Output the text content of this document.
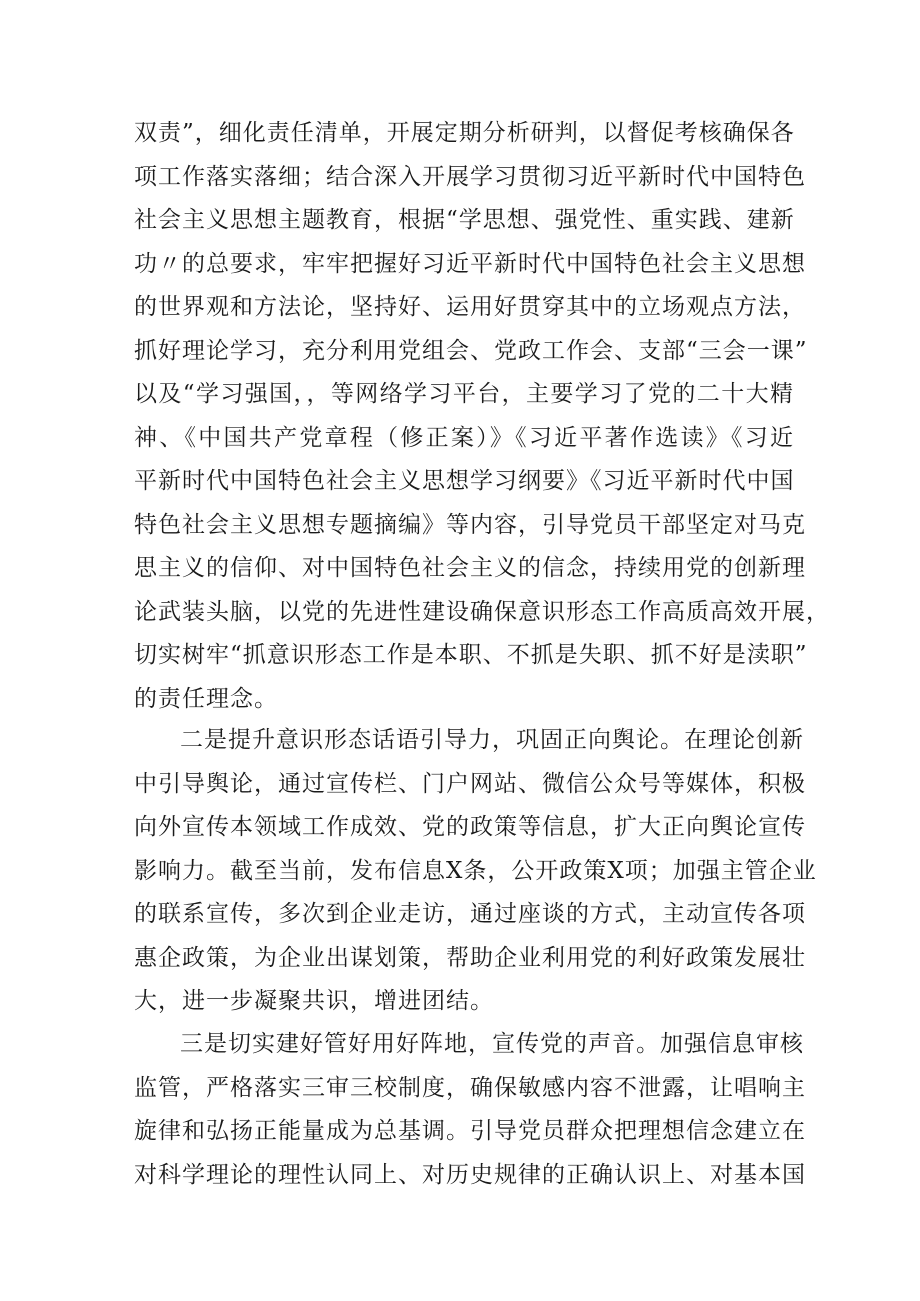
双责”，细化责任清单，开展定期分析研判，以督促考核确保各
项工作落实落细；结合深入开展学习贯彻习近平新时代中国特色
社会主义思想主题教育，根据“学思想、强党性、重实践、建新
功〃的总要求，牢牢把握好习近平新时代中国特色社会主义思想
的世界观和方法论，坚持好、运用好贯穿其中的立场观点方法，
抓好理论学习，充分利用党组会、党政工作会、支部“三会一课”
以及“学习强国，，等网络学习平台，主要学习了党的二十大精
神、《中国共产党章程（修正案）》《习近平著作选读》《习近
平新时代中国特色社会主义思想学习纲要》《习近平新时代中国
特色社会主义思想专题摘编》等内容，引导党员干部坚定对马克
思主义的信仰、对中国特色社会主义的信念，持续用党的创新理
论武装头脑，以党的先进性建设确保意识形态工作高质高效开展，
切实树牢“抓意识形态工作是本职、不抓是失职、抓不好是渎职”
的责任理念。
二是提升意识形态话语引导力，巩固正向舆论。在理论创新
中引导舆论，通过宣传栏、门户网站、微信公众号等媒体，积极
向外宣传本领域工作成效、党的政策等信息，扩大正向舆论宣传
影响力。截至当前，发布信息X条，公开政策X项；加强主管企业
的联系宣传，多次到企业走访，通过座谈的方式，主动宣传各项
惠企政策，为企业出谋划策，帮助企业利用党的利好政策发展壮
大，进一步凝聚共识，增进团结。
三是切实建好管好用好阵地，宣传党的声音。加强信息审核
监管，严格落实三审三校制度，确保敏感内容不泄露，让唱响主
旋律和弘扬正能量成为总基调。引导党员群众把理想信念建立在
对科学理论的理性认同上、对历史规律的正确认识上、对基本国
